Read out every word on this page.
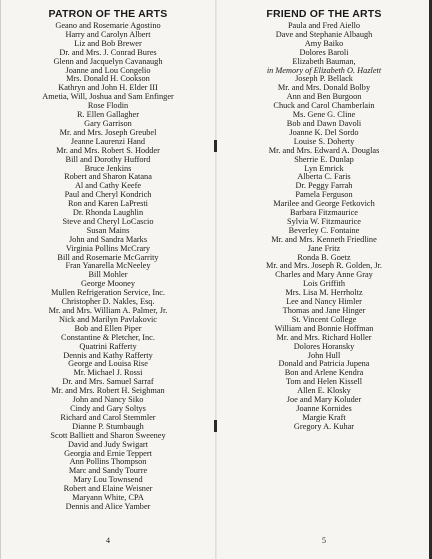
PATRON OF THE ARTS
Geano and Rosemarie Agostino
Harry and Carolyn Albert
Liz and Bob Brewer
Dr. and Mrs. J. Conrad Bures
Glenn and Jacquelyn Cavanaugh
Joanne and Lou Congelio
Mrs. Donald H. Cookson
Kathryn and John H. Elder III
Ametia, Will, Joshua and Sam Enfinger
Rose Flodin
R. Ellen Gallagher
Gary Garrison
Mr. and Mrs. Joseph Greubel
Jeanne Laurenzi Hand
Mr. and Mrs. Robert S. Hodder
Bill and Dorothy Hufford
Bruce Jenkins
Robert and Sharon Katana
Al and Cathy Keefe
Paul and Cheryl Kondrich
Ron and Karen LaPresti
Dr. Rhonda Laughlin
Steve and Cheryl LoCascio
Susan Mains
John and Sandra Marks
Virginia Pollins McCrary
Bill and Rosemarie McGarrity
Fran Yanarella McNeeley
Bill Mohler
George Mooney
Mullen Refrigeration Service, Inc.
Christopher D. Nakles, Esq.
Mr. and Mrs. William A. Palmer, Jr.
Nick and Marilyn Pavlakovic
Bob and Ellen Piper
Constantine & Pletcher, Inc.
Quatrini Rafferty
Dennis and Kathy Rafferty
George and Louisa Rise
Mr. Michael J. Rossi
Dr. and Mrs. Samuel Sarraf
Mr. and Mrs. Robert H. Seighman
John and Nancy Siko
Cindy and Gary Soltys
Richard and Carol Stemmler
Dianne P. Stumbaugh
Scott Balliett and Sharon Sweeney
David and Judy Swigart
Georgia and Ernie Teppert
Ann Pollins Thompson
Marc and Sandy Tourre
Mary Lou Townsend
Robert and Elaine Weisner
Maryann White, CPA
Dennis and Alice Yamber
4
FRIEND OF THE ARTS
Paula and Fred Aiello
Dave and Stephanie Albaugh
Amy Baiko
Dolores Baroli
Elizabeth Bauman,
in Memory of Elizabeth O. Hazlett
Joseph P. Bellack
Mr. and Mrs. Donald Bolby
Ann and Ben Burgoon
Chuck and Carol Chamberlain
Ms. Gene G. Cline
Bob and Dawn Davoli
Joanne K. Del Sordo
Louise S. Doherty
Mr. and Mrs. Edward A. Douglas
Sherrie E. Dunlap
Lyn Emrick
Alberta C. Faris
Dr. Peggy Farrah
Pamela Ferguson
Marilee and George Fetkovich
Barbara Fitzmaurice
Sylvia W. Fitzmaurice
Beverley C. Fontaine
Mr. and Mrs. Kenneth Friedline
Jane Fritz
Ronda B. Goetz
Mr. and Mrs. Joseph R. Golden, Jr.
Charles and Mary Anne Gray
Lois Griffith
Mrs. Lisa M. Herrholtz
Lee and Nancy Himler
Thomas and Jane Hinger
St. Vincent College
William and Bonnie Hoffman
Mr. and Mrs. Richard Holler
Dolores Horansky
John Hull
Donald and Patricia Jupena
Bon and Arlene Kendra
Tom and Helen Kissell
Allen E. Klosky
Joe and Mary Koluder
Joanne Kornides
Margie Kraft
Gregory A. Kuhar
5
